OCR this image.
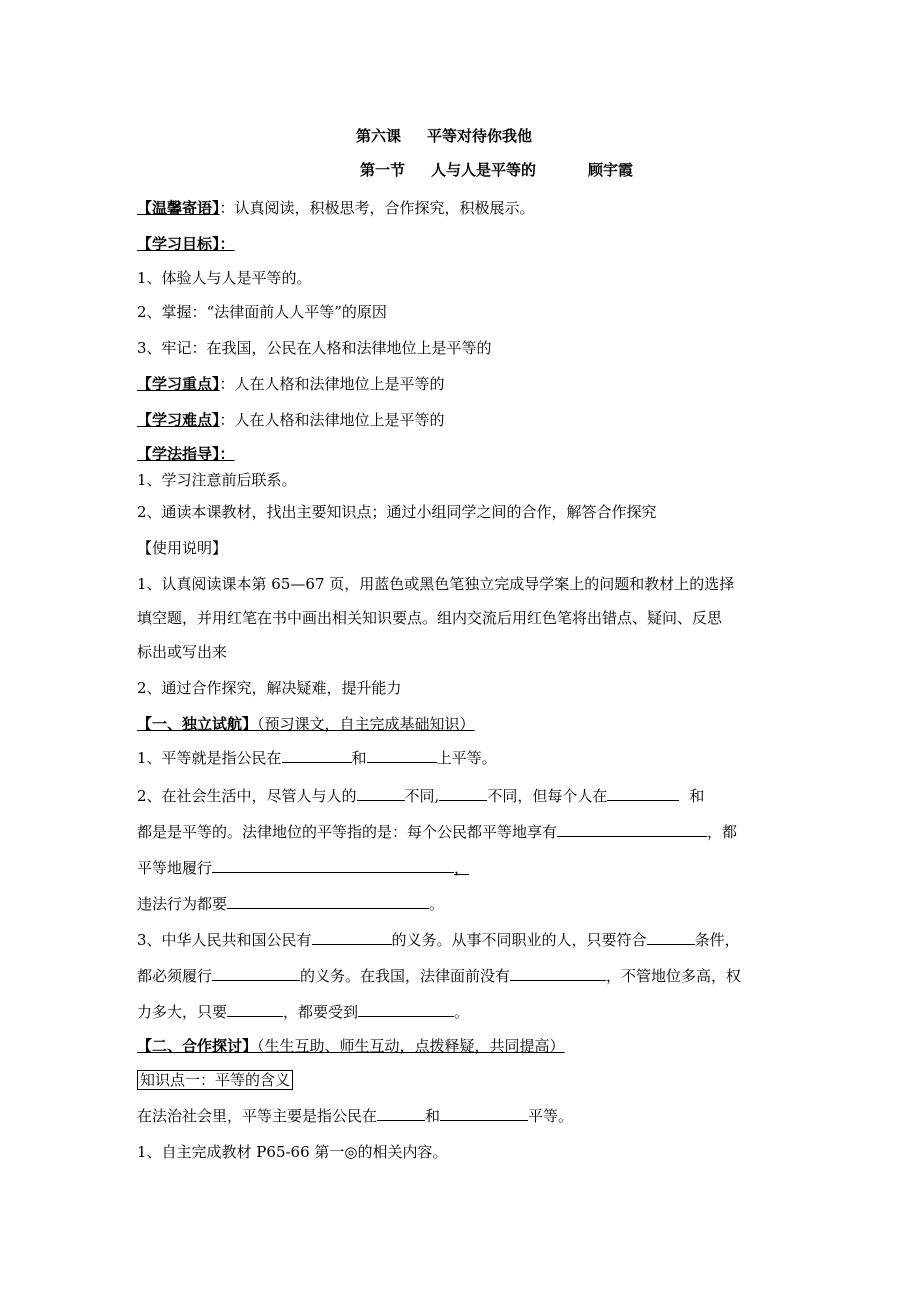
第六课 平等对待你我他
第一节 人与人是平等的	顾宇霞
【温馨寄语】：认真阅读，积极思考，合作探究，积极展示。
【学习目标】：
1、体验人与人是平等的。
2、掌握：“法律面前人人平等”的原因
3、牢记：在我国，公民在人格和法律地位上是平等的
【学习重点】：人在人格和法律地位上是平等的
【学习难点】：人在人格和法律地位上是平等的
【学法指导】：
1、学习注意前后联系。
2、通读本课教材，找出主要知识点；通过小组同学之间的合作，解答合作探究
【使用说明】
1、认真阅读课本第 65—67 页，用蓝色或黑色笔独立完成导学案上的问题和教材上的选择
填空题，并用红笔在书中画出相关知识要点。组内交流后用红色笔将出错点、疑问、反思
标出或写出来
2、通过合作探究，解决疑难，提升能力
【一、独立试航】（预习课文，自主完成基础知识）
1、平等就是指公民在	和	上平等。
2、在社会生活中，尽管人与人的	不同,	不同，但每个人在	和
都是是平等的。法律地位的平等指的是：每个公民都平等地享有	，都
平等地履行	，
违法行为都要	。
3、中华人民共和国公民有	的义务。从事不同职业的人，只要符合	条件，
都必须履行	的义务。在我国，法律面前没有	，不管地位多高，权
力多大，只要	，都要受到	。
【二、合作探讨】（生生互助、师生互动，点拨释疑，共同提高）
知识点一：平等的含义
在法治社会里，平等主要是指公民在	和	平等。
1、自主完成教材 P65-66 第一◎的相关内容。
